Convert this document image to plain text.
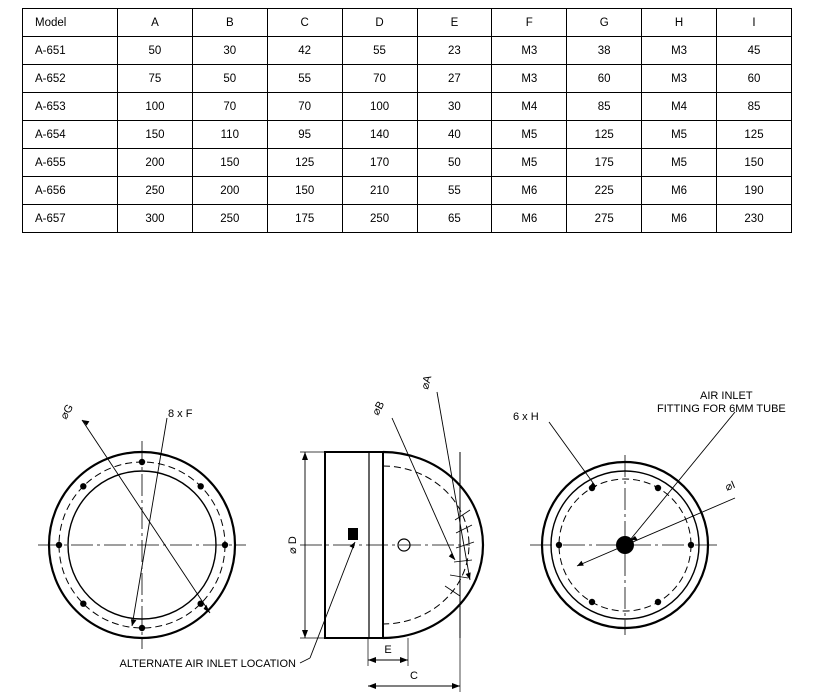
Model	A	B	C	D	E	F	G	H	I
A-651	50	30	42	55	23	M3	38	M3	45
A-652	75	50	55	70	27	M3	60	M3	60
A-653	100	70	70	100	30	M4	85	M4	85
A-654	150	110	95	140	40	M5	125	M5	125
A-655	200	150	125	170	50	M5	175	M5	150
A-656	250	200	150	210	55	M6	225	M6	190
A-657	300	250	175	250	65	M6	275	M6	230
⌀G	8 x F
⌀ D
E
C
⌀B
⌀A
ALTERNATE AIR INLET LOCATION
6 x H
⌀I
AIR INLET
FITTING FOR 6MM TUBE
